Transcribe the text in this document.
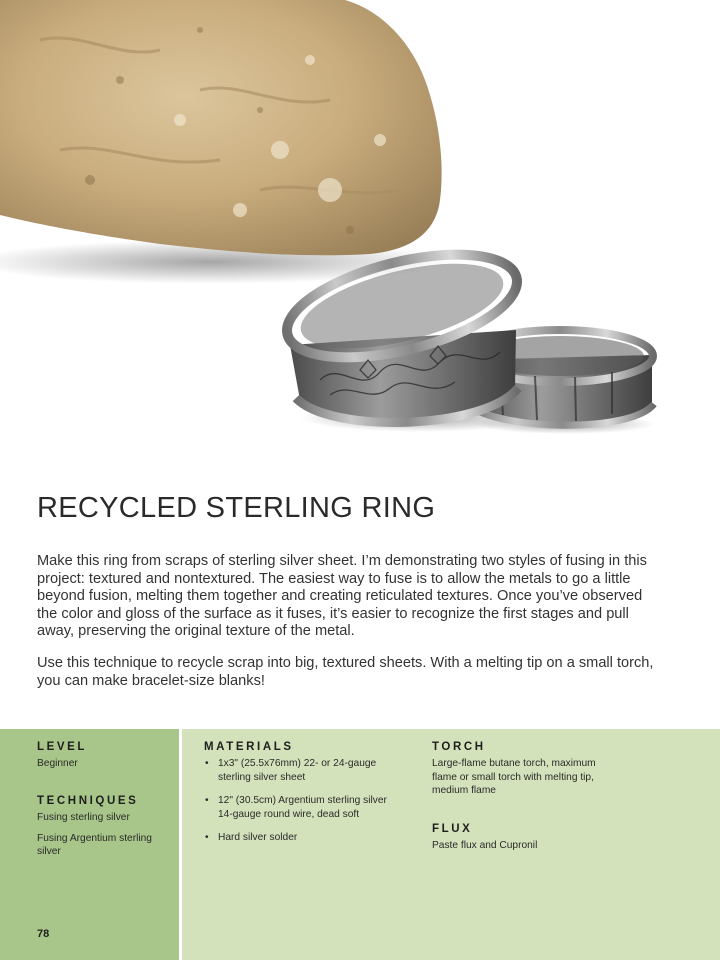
RECYCLED STERLING RING

Make this ring from scraps of sterling silver sheet. I’m demonstrating two styles of fusing in this project: textured and nontextured. The easiest way to fuse is to allow the metals to go a little beyond fusion, melting them together and creating reticulated textures. Once you’ve observed the color and gloss of the surface as it fuses, it’s easier to recognize the first stages and pull away, preserving the original texture of the metal.

Use this technique to recycle scrap into big, textured sheets. With a melting tip on a small torch, you can make bracelet-size blanks!

LEVEL
Beginner
TECHNIQUES

Fusing sterling silver

Fusing Argentium sterling silver

MATERIALS
• 1x3" (25.5x76mm) 22- or 24-gauge sterling silver sheet
• 12" (30.5cm) Argentium sterling silver 14-gauge round wire, dead soft
• Hard silver solder
TORCH
Large-flame butane torch, maximum flame or small torch with melting tip, medium flame
FLUX
Paste flux and Cupronil
78
